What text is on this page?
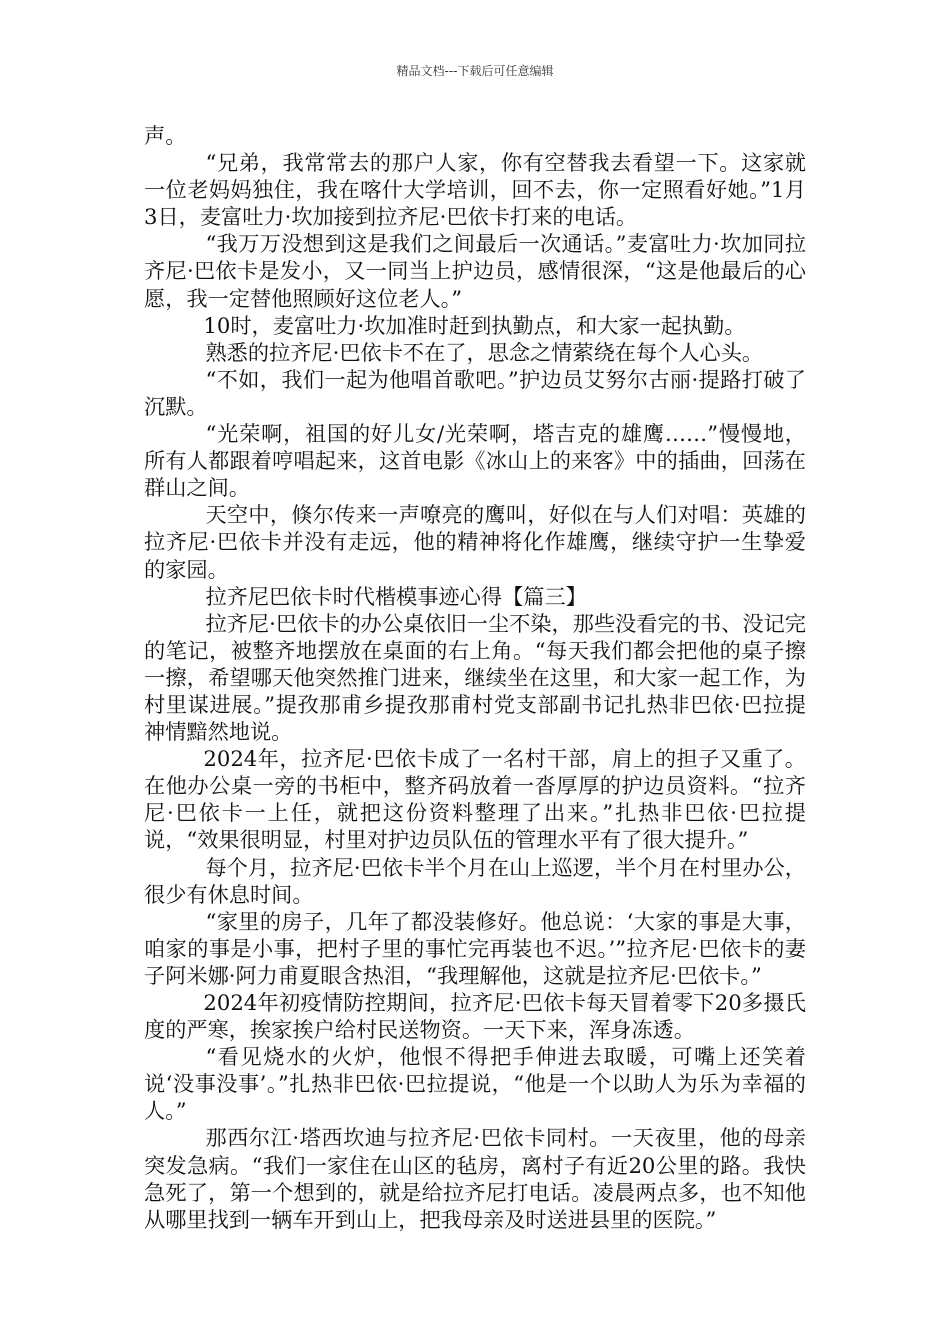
精品文档---下载后可任意编辑

声。

“兄弟，我常常去的那户人家，你有空替我去看望一下。这家就一位老妈妈独住，我在喀什大学培训，回不去，你一定照看好她。”1月3日，麦富吐力·坎加接到拉齐尼·巴依卡打来的电话。

“我万万没想到这是我们之间最后一次通话。”麦富吐力·坎加同拉齐尼·巴依卡是发小，又一同当上护边员，感情很深，“这是他最后的心愿，我一定替他照顾好这位老人。”

10时，麦富吐力·坎加准时赶到执勤点，和大家一起执勤。

熟悉的拉齐尼·巴依卡不在了，思念之情萦绕在每个人心头。

“不如，我们一起为他唱首歌吧。”护边员艾努尔古丽·提路打破了沉默。

“光荣啊，祖国的好儿女/光荣啊，塔吉克的雄鹰……”慢慢地，所有人都跟着哼唱起来，这首电影《冰山上的来客》中的插曲，回荡在群山之间。

天空中，倏尔传来一声嘹亮的鹰叫，好似在与人们对唱：英雄的拉齐尼·巴依卡并没有走远，他的精神将化作雄鹰，继续守护一生挚爱的家园。

拉齐尼巴依卡时代楷模事迹心得【篇三】

拉齐尼·巴依卡的办公桌依旧一尘不染，那些没看完的书、没记完的笔记，被整齐地摆放在桌面的右上角。“每天我们都会把他的桌子擦一擦，希望哪天他突然推门进来，继续坐在这里，和大家一起工作，为村里谋进展。”提孜那甫乡提孜那甫村党支部副书记扎热非巴依·巴拉提神情黯然地说。

2024年，拉齐尼·巴依卡成了一名村干部，肩上的担子又重了。在他办公桌一旁的书柜中，整齐码放着一沓厚厚的护边员资料。“拉齐尼·巴依卡一上任，就把这份资料整理了出来。”扎热非巴依·巴拉提说，“效果很明显，村里对护边员队伍的管理水平有了很大提升。”

每个月，拉齐尼·巴依卡半个月在山上巡逻，半个月在村里办公，很少有休息时间。

“家里的房子，几年了都没装修好。他总说：‘大家的事是大事，咱家的事是小事，把村子里的事忙完再装也不迟。’”拉齐尼·巴依卡的妻子阿米娜·阿力甫夏眼含热泪，“我理解他，这就是拉齐尼·巴依卡。”

2024年初疫情防控期间，拉齐尼·巴依卡每天冒着零下20多摄氏度的严寒，挨家挨户给村民送物资。一天下来，浑身冻透。

“看见烧水的火炉，他恨不得把手伸进去取暖，可嘴上还笑着说‘没事没事’。”扎热非巴依·巴拉提说，“他是一个以助人为乐为幸福的人。”

那西尔江·塔西坎迪与拉齐尼·巴依卡同村。一天夜里，他的母亲突发急病。“我们一家住在山区的毡房，离村子有近20公里的路。我快急死了，第一个想到的，就是给拉齐尼打电话。凌晨两点多，也不知他从哪里找到一辆车开到山上，把我母亲及时送进县里的医院。”
